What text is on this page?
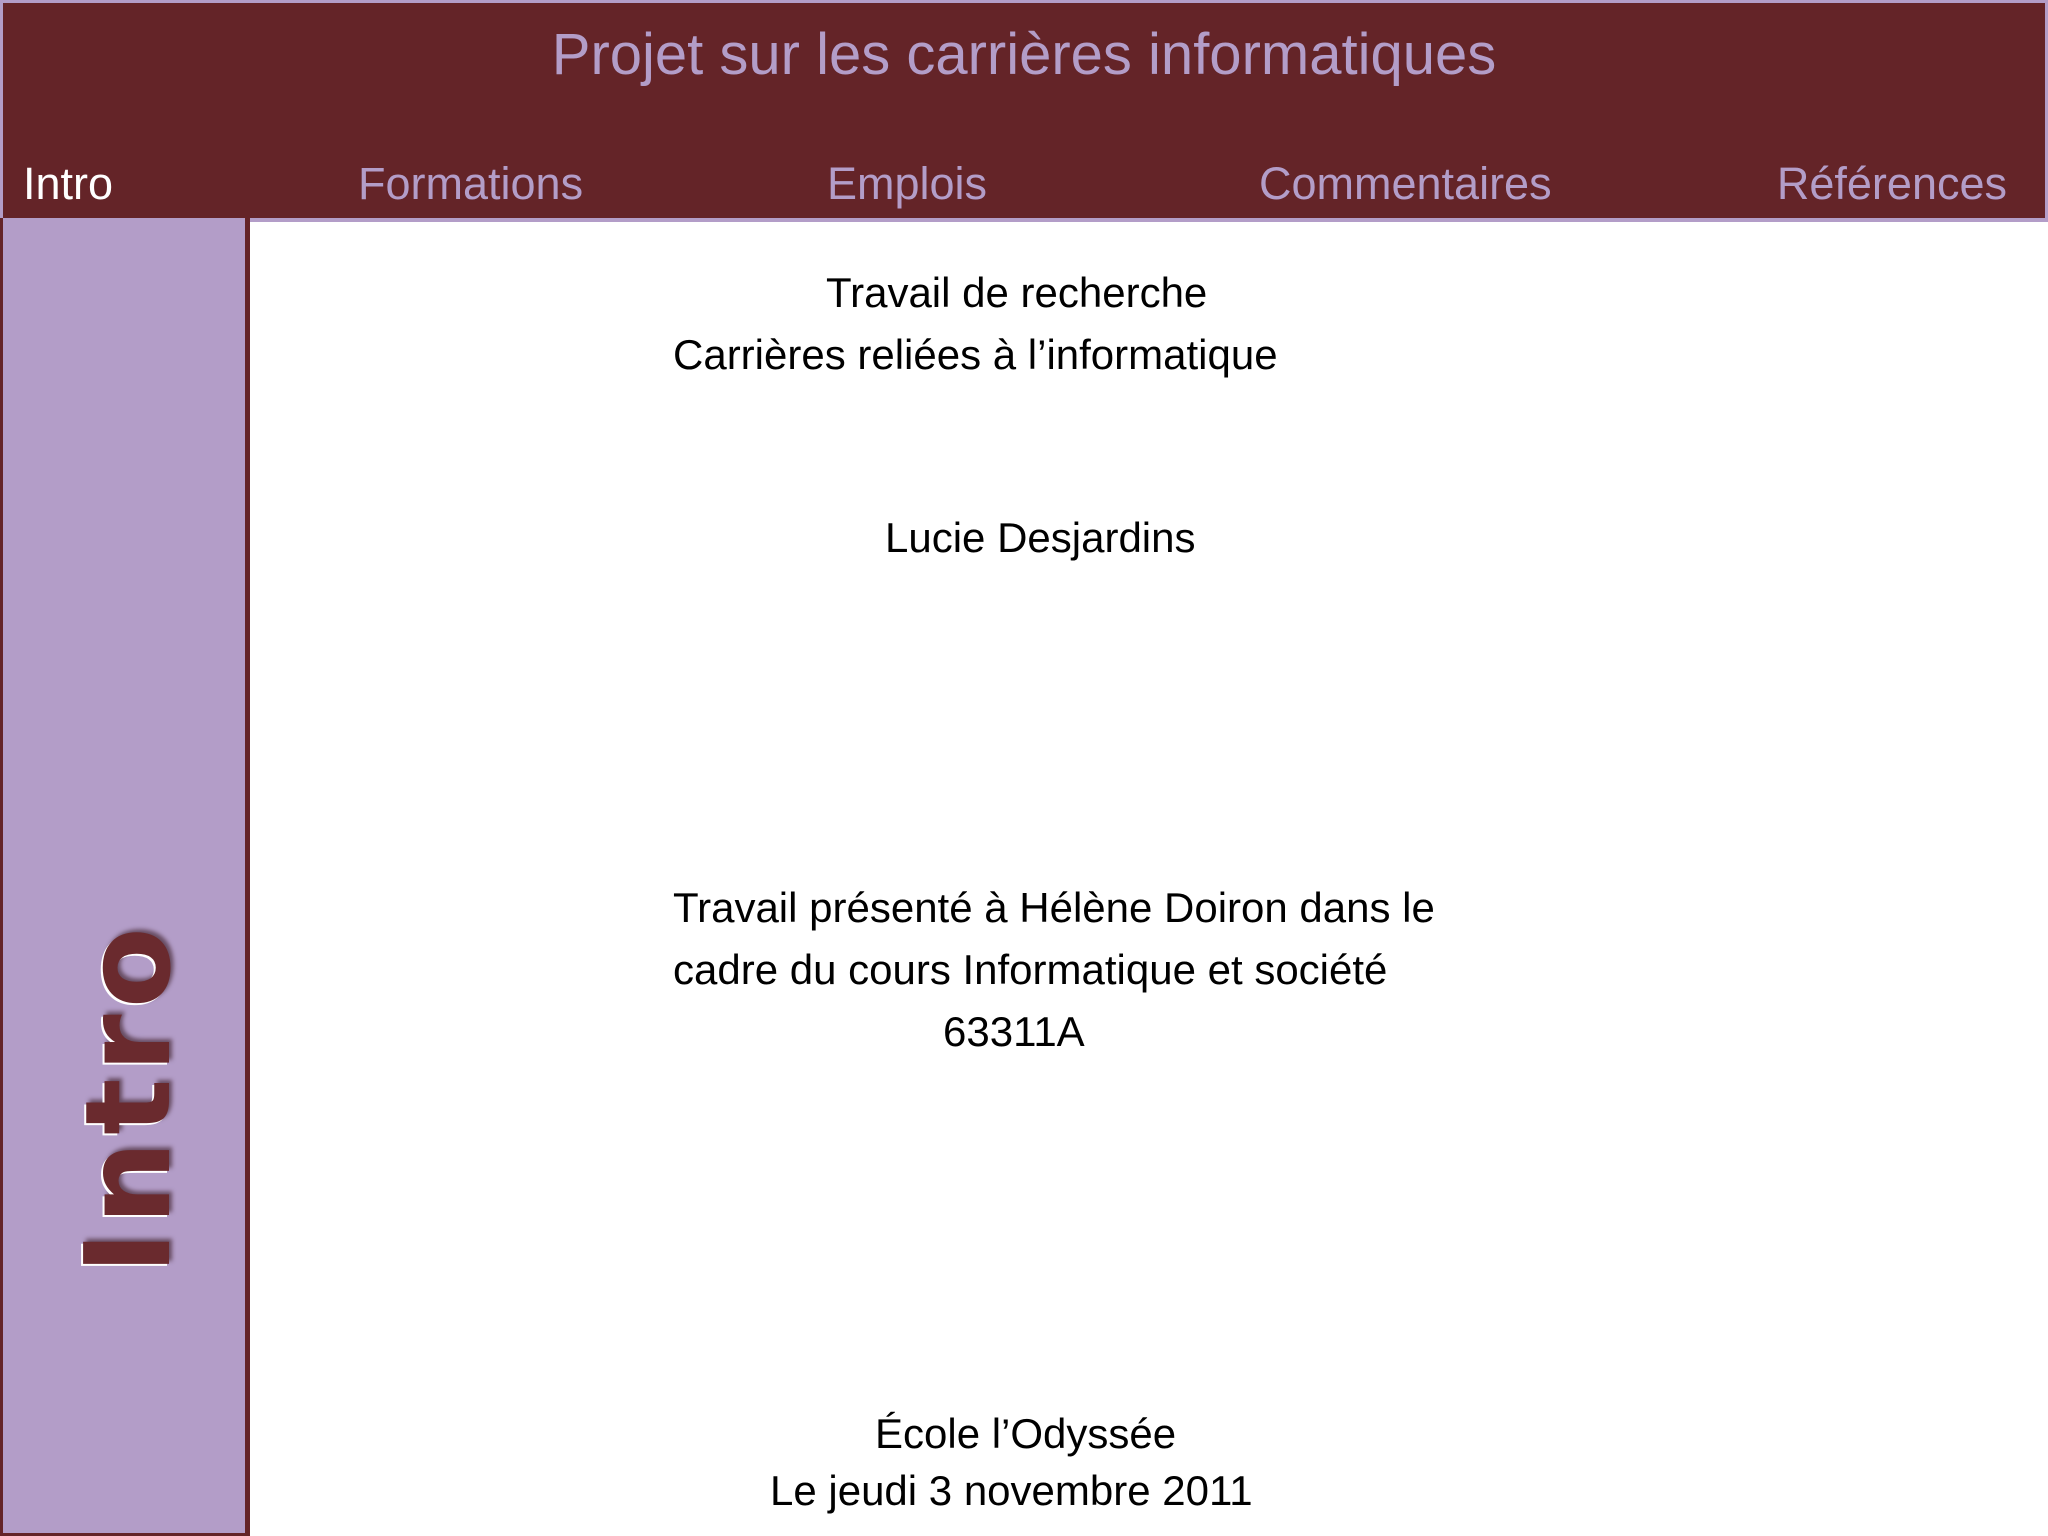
Projet sur les carrières informatiques
Intro	Formations	Emplois	Commentaires	Références
Intro
Travail de recherche
Carrières reliées à l’informatique
Lucie Desjardins
Travail présenté à Hélène Doiron dans le
cadre du cours Informatique et société
63311A
École l’Odyssée
Le jeudi 3 novembre 2011
